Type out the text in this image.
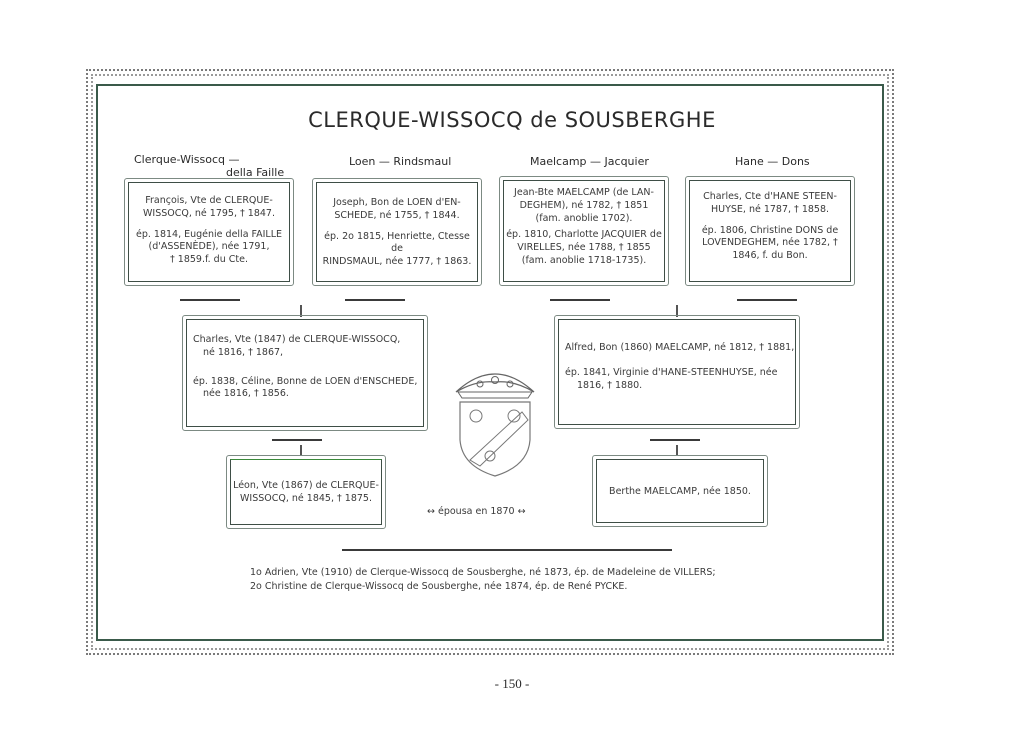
CLERQUE-WISSOCQ de SOUSBERGHE
Clerque-Wissocq —
della Faille
Loen — Rindsmaul	Maelcamp — Jacquier	Hane — Dons

François, Vte de CLERQUE-

WISSOCQ, né 1795, † 1847.

ép. 1814, Eugénie della FAILLE

(d'ASSENÈDE), née 1791,

† 1859.f. du Cte.

Joseph, Bon de LOEN d'EN-

SCHEDE, né 1755, † 1844.

ép. 2o 1815, Henriette, Ctesse de

RINDSMAUL, née 1777, † 1863.

Jean-Bte MAELCAMP (de LAN-

DEGHEM), né 1782, † 1851

(fam. anoblie 1702).

ép. 1810, Charlotte JACQUIER de

VIRELLES, née 1788, † 1855

(fam. anoblie 1718-1735).

Charles, Cte d'HANE STEEN-

HUYSE, né 1787, † 1858.

ép. 1806, Christine DONS de

LOVENDEGHEM, née 1782, †

1846, f. du Bon.

Charles, Vte (1847) de CLERQUE-WISSOCQ,

né 1816, † 1867,

ép. 1838, Céline, Bonne de LOEN d'ENSCHEDE,

née 1816, † 1856.

Alfred, Bon (1860) MAELCAMP, né 1812, † 1881,

ép. 1841, Virginie d'HANE-STEENHUYSE, née

1816, † 1880.

Léon, Vte (1867) de CLERQUE-

WISSOCQ, né 1845, † 1875.

↔ épousa en 1870 ↔

Berthe MAELCAMP, née 1850.

1o Adrien, Vte (1910) de Clerque-Wissocq de Sousberghe, né 1873, ép. de Madeleine de VILLERS;
2o Christine de Clerque-Wissocq de Sousberghe, née 1874, ép. de René PYCKE.
- 150 -
